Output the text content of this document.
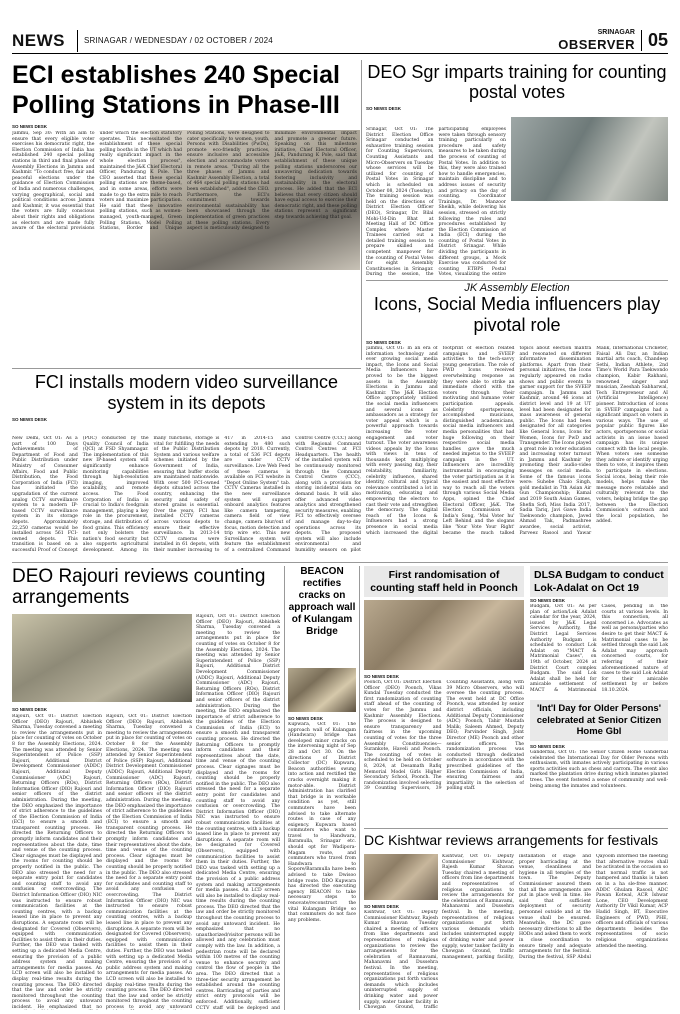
NEWS	SRINAGAR / WEDNESDAY / 02 OCTOBER / 2024
SRINAGAR
OBSERVER 05
ECI establishes 240 Special Polling Stations in Phase-III
SO NEWS DESK
Jammu, Sep 30: With an aim to ensure that every eligible voter exercises his democratic right, the Election Commission of India has established 240 special polling stations in third and final phase of Assembly Elections in Jammu and Kashmir. "To conduct free, fair and peaceful elections under the guidance of Election Commission of India and numerous challenges, varying geographical, social and political conditions across Jammu and Kashmir, it was essential that the voters are fully conscious about their rights and obligations as electors and are made fully aware of the electoral provisions under which the election statutory operates. This necessitated the establishment of these special polling booths in the UT which had really significant impact in the whole election process", maintained the J&K Chief Electoral Officer, Pandurang K Pole. The CEO asserted that these special polling stations are theme-based, and in some areas, efforts were made to go the extra mile to reach voters and maximize participation. He said that these innovative polling stations, such as women-managed, youth-managed, Green Polling Stations, Model Polling Stations, Border and Unique Polling Stations, were designed to cater specifically to women, youth, Persons with Disabilities (PwDs), promote eco-friendly practices, ensure inclusive and accessible election and accommodate voters in remote areas. "During all the three phases of Jammu and Kashmir Assembly Election, a total of 464 special polling stations had been established", added the CEO. Furthermore, the ECI's commitment towards environmental sustainability has been showcased through the implementation of green practices at these polling stations. Every aspect is meticulously designed to minimize environmental impact and promote a greener future. Speaking on this milestone initiative, Chief Electoral Officer, J&K, Pandurang K Pole, said that establishment of these unique polling stations underscores our unwavering dedication towards fostering inclusivity and sustainability in the electoral process. He added that the ECI believes that every citizen should have equal access to exercise their democratic right, and these polling stations represent a significant step towards achieving that goal.
DEO Sgr imparts training for counting postal votes
SO NEWS DESK
Srinagar, Oct 01: The District Election Office Srinagar conducted an exhaustive training session for Counting Supervisors, Counting Assistants and Micro-Observers on Tuesday whose services will be utilized for counting of Postal Votes in Srinagar which is scheduled on October 08, 2024 (Tuesday). The training session was held on the directions of District Election Officer (DEO), Srinagar, Dr. Bilal Mohi-Ud-Din Bhat at Meeting Hall of DC Office Complex where Master Trainees carried out a detailed training session to prepare skilled and competent manpower for the counting of Postal Votes for eight Assembly Constituencies in Srinagar. During the session, the participating employees were taken through sensory training particularly on procedure and safety measures to be taken during the process of counting of Postal Votes. In addition to this, they were also trained how to handle emergencies, maintain discipline and to address issues of security and privacy on the day of counting. Coordinator Trainings, Dr. Manzoor Sheikh, while delivering his session, stressed on strictly following the rules and procedures established by the Election Commission of India (ECI) during the counting of Postal Votes in District Srinagar. While dividing the participants in different groups, a Mock Exercise was conducted for counting ETBPS Postal Votes, visualizing the entire
JK Assembly Election
Icons, Social Media influencers play pivotal role
SO NEWS DESK
Jammu, Oct 01: In an era of information technology and ever growing social media impact, the Icons and Social Media Influencers have proved to be the biggest assets in the Assembly Elections in Jammu and Kashmir. The J&K Election Office appropriately utilized the social media influencers and several icons as ambassadors as a strategy for voter appeal which is a powerful approach towards increasing the voter engagement and voter turnout. The voter awareness videos appeals by the Icons with views in tens of thousands kept multiplying with every passing day, their relatability, familiarity, celebrity influence, shared identity, cultural and typical relevance contributed a lot in motivating, educating and empowering the electors to cast their vote and strengthen the democracy. The digital reach of the Icons & Influencers had a strong presence in social media which increased the digital footprint of election related campaigns and SVEEP activities to the tech-savvy young generation. The role of FWD Icons received overwhelming response as they were able to strike an immediate chord with the voters through their motivating and humane voter participation appeals. Celebrity sportspersons, accomplished musicians, distinguished academicians, social media influencers and media personalities that had huge following on their respective social media handles gave the much needed impetus to the SVEEP campaign in the UT. Influencers are incredibly instrumental in encouraging the voter participation as it is the easiest and most effective way to reach all the voters through various Social Media Apps, opined the Chief Electoral Officer, J&K. The Election Commission of India's Song, 'Mai Voter hu' Left Behind and the slogans like 'Your Vote Your Right' became the much talked topics about election mantra and resonated on different informative dissemination platforms. Apart from their personal initiatives, the Icons regularly appeared on radio shows and public events to garner support for the SVEEP campaign. In Jammu and Kashmir, around 46 icons at district level and 19 at UT level had been designated for mass awareness of general public. The Icons had been designated for all categories like General Icons, Icons for Women, Icons for PwD and Transgender. The Icons played a great role in voter education and increasing voter turnout in Jammu and Kashmir by promoting their audio-video messages on social media. Some of the famous icons were: Suhebe Chalo Singh, gold medalist in 7th Asian Air Gun Championship; Kamal and 2019 South Asian Games, Shefin Sofi, Miss India 2017, Sadia Tariq, Javi Gawe India Taekwondo champion, Javed Ahmad Tak, Padmashree awardee, social activist, Parveez Rasool and Yawar Malik, International Cricketer, Faisal Ali Dar, an Indian martial arts coach, Chandeep Sethi, Indian Athlete, 2nd Time's World Para Taekwondo champion, Kabir Rakhani, renowned singer and musician, Zeeshah Sabharwal, Tech Entrepreneur and AI (Artificial Intelligence) pioneer. Introduction of icons in SVEEP campaigns had a significant impact on voters in various ways. The use of popular public figures like actors, sportspersons or social activists in an issue based campaign has its unique connect with the local people. When voters see someone they admire or identify urging them to vote, it inspires them to participate in elections. Social icons, being their role models, helps make the message more relatable and culturally relevant to the voters, helping bridge the gap between the Election Commission's outreach and the local population, he added.
FCI installs modern video surveillance system in its depots
SO NEWS DESK
New Delhi, Oct 01: As a part of 100 Days Achievements of Department of Food and Public Distribution under Ministry of Consumer Affairs, Food and Public Distribution, the Food Corporation of India (FCI) has initiated the upgradation of the current analog CCTV surveillance system to a modern IP-based CCTV surveillance system in its storage depots. Approximately 22,250 cameras would be installed across 561 FCI-owned depots. This transition is based on a successful Proof of Concept (POC) conducted by the Quality Council of India (QCI) at FSD Shyamnagar. The implementation of this new IP-based system will significantly enhance monitoring capabilities through high-resolution imaging, improved scalability, and remote access. The Food Corporation of India is crucial to India's foodgrain management, playing a key role in the procurement, storage, and distribution of food grains. This efficiency not only bolsters the nation's food security but also supports agricultural development. Among its many functions, storage is vital for fulfilling the needs of the Public Distribution System and various welfare schemes initiated by the Government of India, ensuring that buffer stocks are maintained nationwide. With over 500 FCI-owned depots situated across the country, enhancing the security and safety of stored grains is essential. Over the years, FCI has installed CCTV cameras across various depots to ensure their effective surveillance. In 2013-14 CCTV cameras were installed in 61 depots, with their number increasing to 417 in 2014-15 and extending to 480 such depots by 2018. Currently, a total of 536 FCI depots are under CCTV surveillance. Live Web Feed of these cameras is available on FCI website in "Depot Online System" tab. CCTV Cameras installed in the new surveillance system will support onboard analytics features like camera tampering, camera field of view change, camera blur/out of focus, motion detection and trip wire etc. This new Surveillance system will feature the establishment of a centralized Command Control Centre (CCC) along with Regional Command Control Centres at FCI Headquarters. The health of the installed system will be continuously monitored through the Command Control Centre (CCC), along with a provision for storing incidental data on demand basis. It will also offer advanced video analytics and strengthened security measures, enabling FCI to effectively oversee and manage day-to-day operations across its depots. The proposed system will also include environmental and humidity sensors on pilot
DEO Rajouri reviews counting arrangements
SO NEWS DESK
Rajouri, Oct 01: District Election Officer (DEO) Rajouri, Abhishek Sharma, Tuesday convened a meeting to review the arrangements put in place for counting of votes on October 8 for the Assembly Elections, 2024. The meeting was attended by Senior Superintendent of Police (SSP) Rajouri, Additional District Development Commissioner (ADDC) Rajouri, Additional Deputy Commissioner (ADC) Rajouri, Returning Officers (ROs), District Information Officer (DIO) Rajouri and senior officers of the district administration. During the meeting, the DEO emphasized the importance of strict adherence to the guidelines of the Election Commission of India (ECI) to ensure a smooth and transparent counting process. He directed the Returning Officers to promptly inform candidates and their representatives about the date, time and venue of the counting process. Clear signages must be displayed and the rooms for counting should be properly notified in the public. The DEO also stressed the need for a separate entry point for candidates and counting staff to avoid any confusion or overcrowding. The District Information Officer (DIO) NIC was instructed to ensure robust communication facilities at the counting centres, with a backup leased line in place to prevent any disruptions. A separate room will be designated for Covered (Observers), equipped with communication facilities to assist them in their duties. Further, the DEO was tasked with setting up a dedicated Media Centre, ensuring the provision of a public address system and making arrangements for media passes. An LCD screen will also be installed to display real-time results during the counting process. The DEO directed that the law and order be strictly monitored throughout the counting process to avoid any untoward incident. He emphasized that no
Rajouri, Oct 01: District Election Officer (DEO) Rajouri, Abhishek Sharma, Tuesday convened a meeting to review the arrangements put in place for counting of votes on October 8 for the Assembly Elections, 2024. The meeting was attended by Senior Superintendent of Police (SSP) Rajouri, Additional District Development Commissioner (ADDC) Rajouri, Additional Deputy Commissioner (ADC) Rajouri, Returning Officers (ROs), District Information Officer (DIO) Rajouri and senior officers of the district administration. During the meeting, the DEO emphasized the importance of strict adherence to the guidelines of the Election Commission of India (ECI) to ensure a smooth and transparent counting process. He directed the Returning Officers to promptly inform candidates and their representatives about the date, time and venue of the counting process. Clear signages must be displayed and the rooms for counting should be properly notified in the public. The DEO also stressed the need for a separate entry point for candidates and counting staff to avoid any confusion or overcrowding. The District Information Officer (DIO) NIC was instructed to ensure robust communication facilities at the counting centres, with a backup leased line in place to prevent any disruptions. A separate room will be designated for Covered (Observers), equipped with communication facilities to assist them in their duties. Further, the DEO was tasked with setting up a dedicated Media Centre, ensuring the provision of a public address system and making arrangements for media passes. An LCD screen will also be installed to display real-time results during the counting process. The DEO directed that the law and order be strictly monitored throughout the counting process to avoid any untoward incident. He emphasized that no unauthorized/visitor persons will be allowed and any celebration must comply with the law. In addition, a pedestrian route will be declared within 100 metres of the counting venue to enhance security and control the flow of people in the area. The DEO directed that a three-tier security arrangement be established around the counting centres. Barricading of parties and strict entry protocols will be enforced. Additionally, sufficient CCTV staff will be deployed and
Rajouri, Oct 01: District Election Officer (DEO) Rajouri, Abhishek Sharma, Tuesday convened a meeting to review the arrangements put in place for counting of votes on October 8 for the Assembly Elections, 2024. The meeting was attended by Senior Superintendent of Police (SSP) Rajouri, Additional District Development Commissioner (ADDC) Rajouri, Additional Deputy Commissioner (ADC) Rajouri, Returning Officers (ROs), District Information Officer (DIO) Rajouri and senior officers of the district administration. During the meeting, the DEO emphasized the importance of strict adherence to the guidelines of the Election Commission of India (ECI) to ensure a smooth and transparent counting process. He directed the Returning Officers to promptly inform candidates and their representatives about the date, time and venue of the counting process. Clear signages must be displayed and the rooms for counting should be properly notified in the public. The DEO also stressed the need for a separate entry point for candidates and counting staff to avoid any confusion or overcrowding. The District Information Officer (DIO) NIC was instructed to ensure robust communication facilities at the counting centres, with a backup leased line in place to prevent any disruptions. A separate room will be designated for Covered (Observers), equipped with communication facilities to assist them in their duties. Further, the DEO was tasked with setting up a dedicated Media Centre, ensuring the provision of a public address system and making arrangements for media passes. An LCD screen will also be installed to display real-time results during the counting process. The DEO directed that the law and order be strictly monitored throughout the counting process to avoid any untoward
BEACON rectifies cracks on approach wall of Kulangam Bridge
SO NEWS DESK
Kupwara, Oct 01: The approach wall of Kulangam (Handwara) bridge has developed minor cracks on the intervening night of Sep 28 and Oct 30. On the directions of District Collector (DC) Kupwara, Beacon authorities swung into action and rectified the cracks overnight making it motor-able. District Administration has clarified that bridge is in workable condition as yet, still commuters have been advised to take alternate routes in case of any exigency. Kupwara based commuters who want to travel to Handwara, Baramulla, Srinagar etc. should opt for Wadipora-Magam route, and commuters who travel from Handwara to Sopore/Baramulla have been advised to take Dwisoo bridge route. DDO Kupwara has directed the executing agency BEACON to take necessary steps to renovate/reconstruct the vital Kulangam Bridge so that commuters do not face any problems.
First randomisation of counting staff held in Poonch
SO NEWS DESK
Poonch, Oct 01: District Election Officer (DEO) Poonch, Vikas Kundal Tuesday conducted the first randomization of counting staff ahead of the counting of votes for the Jammu and Kashmir Assembly Elections. The process is designed to ensure transparency and fairness in the upcoming counting of votes for the three Assembly Constituencies—Surankote, Haveli and Poonch. The counting of votes is scheduled to be held on October 8, 2024, at Desamath Rafiq Memorial Model Girls Higher Secondary School, Poonch. The randomization involved selecting 39 Counting Supervisors, 39 Counting Assistants, along with 39 Micro Observers, who will oversee the counting process. The event held at DC Office Poonch, was attended by senior district officials, including Additional Deputy Commissioner (ADC) Poonch, Tahir Mustafa Malik; Saleem Ahmed, Deputy DEO; Parvinder Singh, Joint Director (ME) Poonch and other senior officers. The randomization process was conducted through dedicated software in accordance with the prescribed guidelines of the Election Commission of India, ensuring fairness and impartiality in the selection of polling staff.
DLSA Budgam to conduct Lok-Adalat on Oct 19
SO NEWS DESK
Budgam, Oct 01: As per plan of action/Lok Adalat calendar for the year, 2024, issued by J&K Legal Services Authority, the District Legal Services Authority Budgam is scheduled to conduct Lok Adalat on "MACT & Matrimonial Cases", on 19th of October, 2024 at District Court complex Budgam. The said Lok Adalat shall be held for amicable settlement of MACT & Matrimonial Cases, pending in the courts at various levels. In this connection, all concerned i.e. Advocates as well as persons/parties who desire to get their MACT & Matrimonial cases to be settled through the said Lok Adalat may approach concerned courts, for referring of their aforementioned nature of cases to the said Lok Adalat for their amicable settlement by or before 18.10.2024.
'Int'l Day for Older Persons' celebrated at Senior Citizen Home Gbl
SO NEWS DESK
Ganderbal, Oct 01: The Senior Citizen Home Ganderbal celebrated the International Day for Older Persons with enthusiasm, with inmates actively participating in various sports activities such as chess and carrom. The event also marked the plantation drive during which inmates planted trees. The event fostered a sense of community and well-being among the inmates and volunteers.
DC Kishtwar reviews arrangements for festivals
SO NEWS DESK
Kishtwar, Oct 01: Deputy Commissioner Kishtwar, Rajesh Kumar Shavan Tuesday chaired a meeting of officers from line departments and representatives of religious organizations to review the arrangements for the celebration of Ramnavami, Mahanavmi and Dussehra festival. In the meeting, representatives of religious organizations put forth various demands which includes uninterrupted supply of drinking water and power supply, water tanker facility in Chowgan Ground, traffic
Kishtwar, Oct 01: Deputy Commissioner Kishtwar, Rajesh Kumar Shavan Tuesday chaired a meeting of officers from line departments and representatives of religious organizations to review the arrangements for the celebration of Ramnavami, Mahanavmi and Dussehra festival. In the meeting, representatives of religious organizations put forth various demands which includes uninterrupted supply of drinking water and power supply, water tanker facility in Chowgan Ground, traffic management, parking facility, installation of stage and proper barricading at the venue, cleanliness and hygiene in all temples of the town. The Deputy Commissioner assured them that all the arrangements are put in place well in time. He said that sufficient deployment of security personnel outside and at the venue shall be ensured. Meanwhile, the DC gave necessary directions to all the HODs and asked them to work in close coordination to ensure timely and adequate arrangements for the festival. During the festival, SSP Abdul Qayoom informed the meeting that alternative routes shall be activated in the occasion so that normal traffic is not hampered and thanks is taken on in a ha sle-free manner. ADDC Ghulam Rasool, ADC Pawan Kotwal, ACR Ishwar Lone, CEO Development Authority Dr Vikil Kumar, ACP Hadid Singh, BT, Executive Engineers of PWD, PHE, officers and officials of various departments besides the representatives of socio religious organizations attended the meeting.
